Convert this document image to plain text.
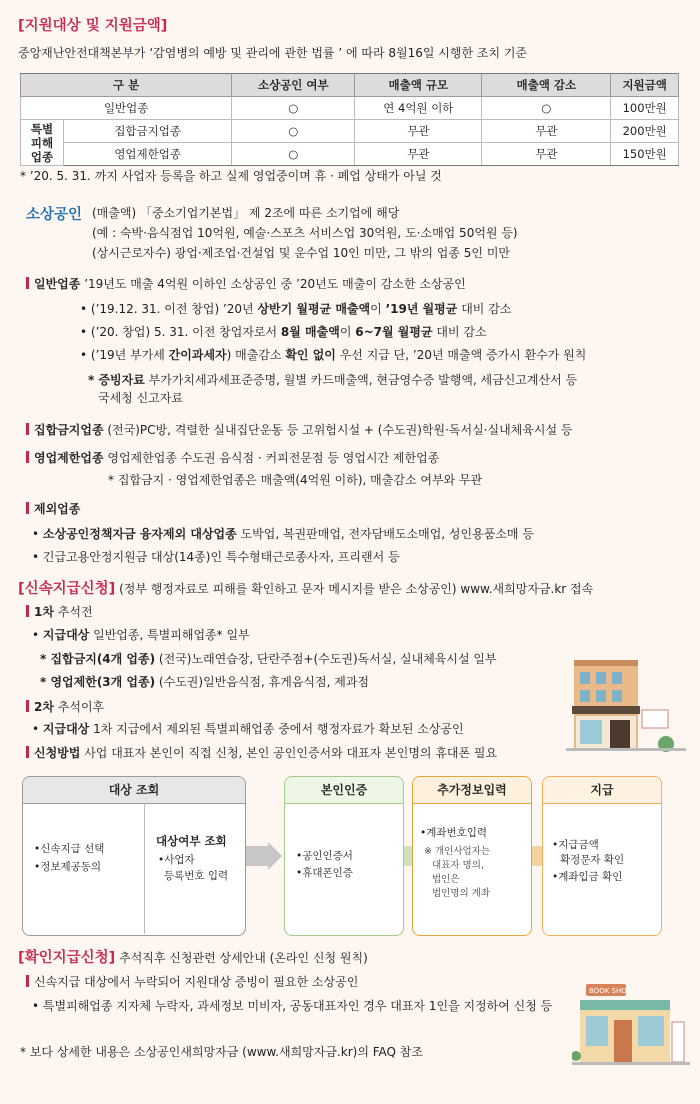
[지원대상 및 지원금액]
중앙재난안전대책본부가 ‘감염병의 예방 및 관리에 관한 법률 ’ 에 따라 8월16일 시행한 조치 기준
구 분		소상공인 여부	매출액 규모	매출액 감소	지원금액
일반업종		○	연 4억원 이하	○	100만원
특별
피해
업종	집합금지업종	○	무관	무관	200만원
	영업제한업종	○	무관	무관	150만원
* ’20. 5. 31. 까지 사업자 등록을 하고 실제 영업중이며 휴 · 폐업 상태가 아닐 것
소상공인 (매출액) 「중소기업기본법」 제 2조에 따른 소기업에 해당
(예 : 숙박·음식점업 10억원, 예술·스포츠 서비스업 30억원, 도·소매업 50억원 등)
(상시근로자수) 광업·제조업·건설업 및 운수업 10인 미만, 그 밖의 업종 5인 미만
일반업종 ’19년도 매출 4억원 이하인 소상공인 중 ’20년도 매출이 감소한 소상공인
• (’19.12. 31. 이전 창업) ’20년 상반기 월평균 매출액이 ’19년 월평균 대비 감소
• (’20. 창업) 5. 31. 이전 창업자로서 8월 매출액이 6~7월 월평균 대비 감소
• (’19년 부가세 간이과세자) 매출감소 확인 없이 우선 지급 단, ’20년 매출액 증가시 환수가 원칙
* 증빙자료 부가가치세과세표준증명, 월별 카드매출액, 현금영수증 발행액, 세금신고계산서 등
국세청 신고자료
집합금지업종 (전국)PC방, 격렬한 실내집단운동 등 고위험시설 + (수도권)학원·독서실·실내체육시설 등
영업제한업종 영업제한업종 수도권 음식점 · 커피전문점 등 영업시간 제한업종
* 집합금지 · 영업제한업종은 매출액(4억원 이하), 매출감소 여부와 무관
제외업종
• 소상공인정책자금 융자제외 대상업종 도박업, 복권판매업, 전자담배도소매업, 성인용품소매 등
• 긴급고용안정지원금 대상(14종)인 특수형태근로종사자, 프리랜서 등
[신속지급신청] (정부 행정자료로 피해를 확인하고 문자 메시지를 받은 소상공인) www.새희망자금.kr 접속
1차 추석전
• 지급대상 일반업종, 특별피해업종* 일부
* 집합금지(4개 업종) (전국)노래연습장, 단란주점+(수도권)독서실, 실내체육시설 일부
* 영업제한(3개 업종) (수도권)일반음식점, 휴게음식점, 제과점
2차 추석이후
• 지급대상 1차 지급에서 제외된 특별피해업종 중에서 행정자료가 확보된 소상공인
신청방법 사업 대표자 본인이 직접 신청, 본인 공인인증서와 대표자 본인명의 휴대폰 필요
대상 조회
•신속지급 선택
•정보제공동의
대상여부 조회
•사업자
등록번호 입력
본인인증
•공인인증서
•휴대폰인증
추가정보입력
•계좌번호입력
※ 개인사업자는
대표자 명의,
법인은
법인명의 계좌
지급
•지급금액
확정문자 확인
•계좌입금 확인
[확인지급신청] 추석직후 신청관련 상세안내 (온라인 신청 원칙)
신속지급 대상에서 누락되어 지원대상 증빙이 필요한 소상공인
• 특별피해업종 지자체 누락자, 과세정보 미비자, 공동대표자인 경우 대표자 1인을 지정하여 신청 등
* 보다 상세한 내용은 소상공인새희망자금 (www.새희망자금.kr)의 FAQ 참조
BOOK SHOP
